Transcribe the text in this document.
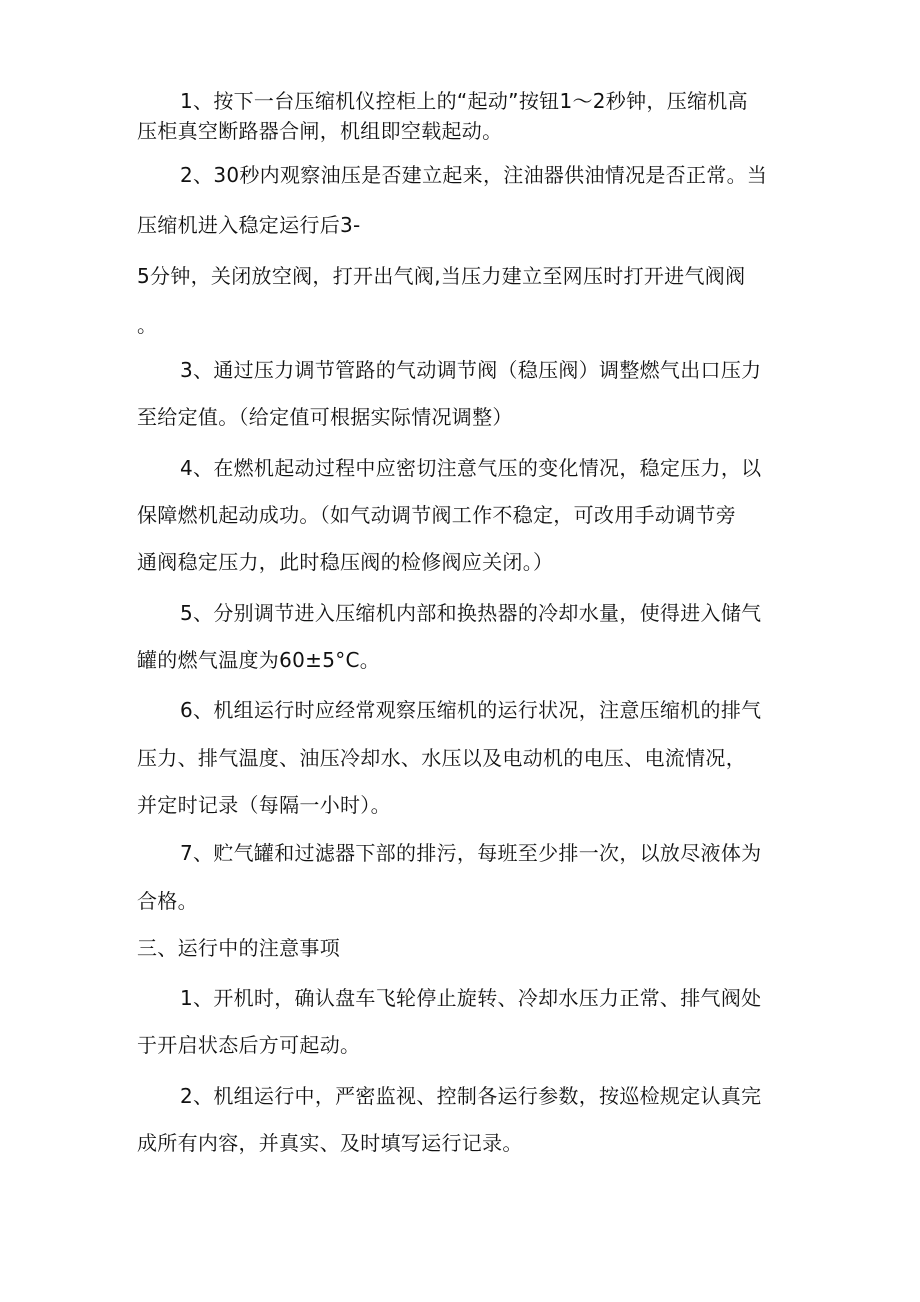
1、按下一台压缩机仪控柜上的“起动”按钮1〜2秒钟，压缩机高
压柜真空断路器合闸，机组即空载起动。
2、30秒内观察油压是否建立起来，注油器供油情况是否正常。当
压缩机进入稳定运行后3-
5分钟，关闭放空阀，打开出气阀,当压力建立至网压时打开进气阀阀
。
3、通过压力调节管路的气动调节阀（稳压阀）调整燃气出口压力
至给定值。（给定值可根据实际情况调整）
4、在燃机起动过程中应密切注意气压的变化情况，稳定压力，以
保障燃机起动成功。（如气动调节阀工作不稳定，可改用手动调节旁
通阀稳定压力，此时稳压阀的检修阀应关闭。）
5、分别调节进入压缩机内部和换热器的冷却水量，使得进入储气
罐的燃气温度为60±5°C。
6、机组运行时应经常观察压缩机的运行状况，注意压缩机的排气
压力、排气温度、油压冷却水、水压以及电动机的电压、电流情况，
并定时记录（每隔一小时）。
7、贮气罐和过滤器下部的排污，每班至少排一次，以放尽液体为
合格。
三、运行中的注意事项
1、开机时，确认盘车飞轮停止旋转、冷却水压力正常、排气阀处
于开启状态后方可起动。
2、机组运行中，严密监视、控制各运行参数，按巡检规定认真完
成所有内容，并真实、及时填写运行记录。
